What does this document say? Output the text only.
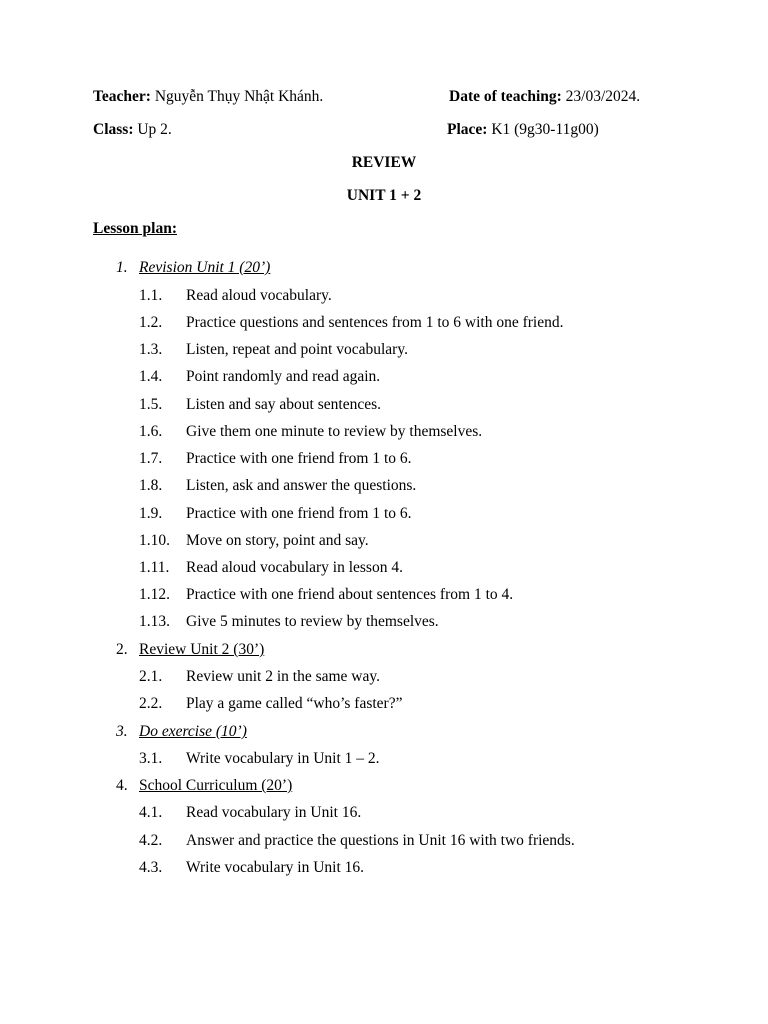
Teacher: Nguyễn Thụy Nhật Khánh.	Date of teaching: 23/03/2024.
Class: Up 2.	Place: K1 (9g30-11g00)
REVIEW
UNIT 1 + 2
Lesson plan:
1. Revision Unit 1 (20’)
1.1. Read aloud vocabulary.
1.2. Practice questions and sentences from 1 to 6 with one friend.
1.3. Listen, repeat and point vocabulary.
1.4. Point randomly and read again.
1.5. Listen and say about sentences.
1.6. Give them one minute to review by themselves.
1.7. Practice with one friend from 1 to 6.
1.8. Listen, ask and answer the questions.
1.9. Practice with one friend from 1 to 6.
1.10. Move on story, point and say.
1.11. Read aloud vocabulary in lesson 4.
1.12. Practice with one friend about sentences from 1 to 4.
1.13. Give 5 minutes to review by themselves.
2. Review Unit 2 (30’)
2.1. Review unit 2 in the same way.
2.2. Play a game called “who’s faster?”
3. Do exercise (10’)
3.1. Write vocabulary in Unit 1 – 2.
4. School Curriculum (20’)
4.1. Read vocabulary in Unit 16.
4.2. Answer and practice the questions in Unit 16 with two friends.
4.3. Write vocabulary in Unit 16.
